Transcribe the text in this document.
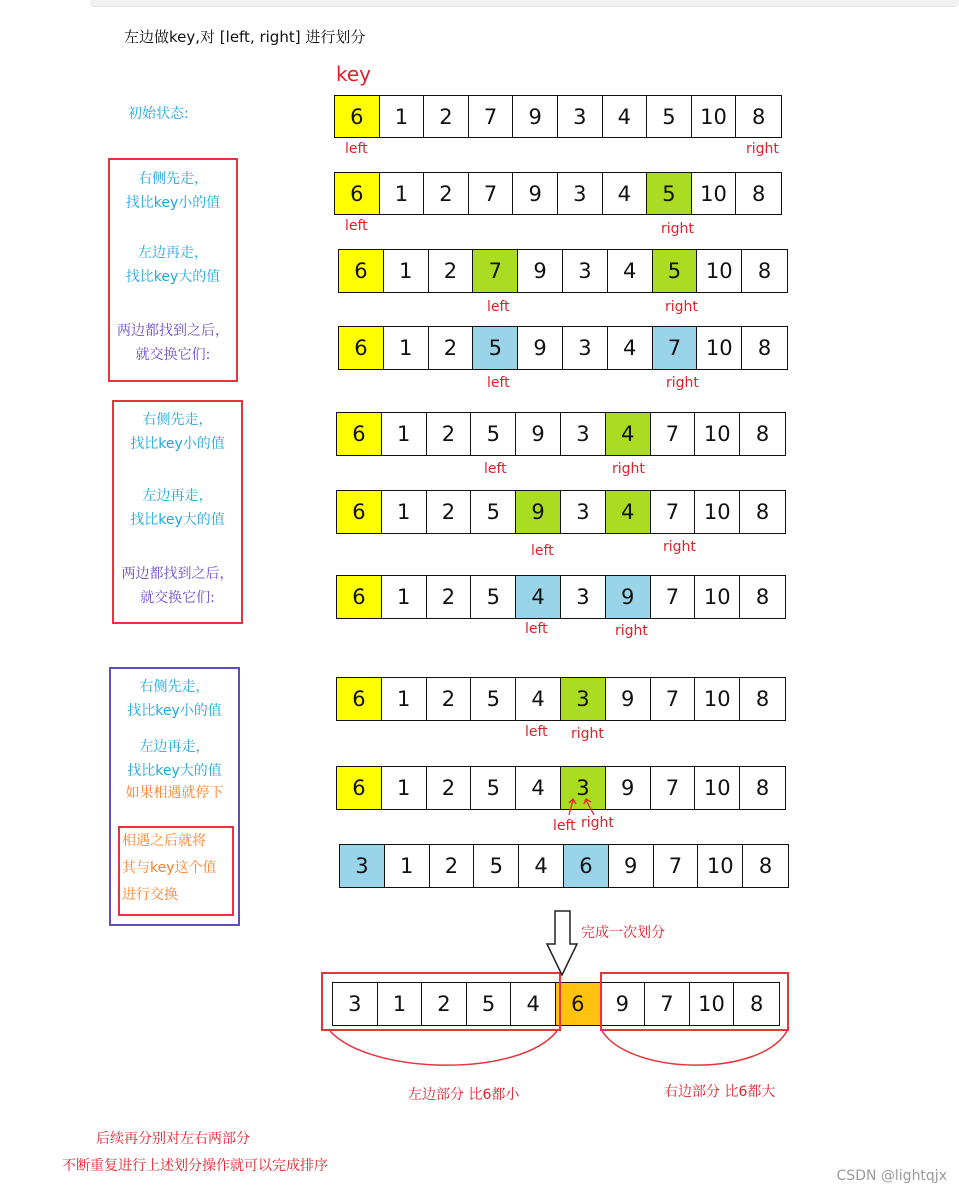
左边做key,对 [left, right] 进行划分
key
6	1	2	7	9	3	4	5	10	8
6	1	2	7	9	3	4	5	10	8
6	1	2	7	9	3	4	5	10	8
6	1	2	5	9	3	4	7	10	8
6	1	2	5	9	3	4	7	10	8
6	1	2	5	9	3	4	7	10	8
6	1	2	5	4	3	9	7	10	8
6	1	2	5	4	3	9	7	10	8
6	1	2	5	4	3	9	7	10	8
3	1	2	5	4	6	9	7	10	8
3	1	2	5	4	6	9	7	10	8
left	right
left	right
left	right
left	right
left	right
left	right
left	right
left right
left right
初始状态:
右侧先走，
找比key小的值
左边再走，
找比key大的值
两边都找到之后，
就交换它们:
右侧先走，
找比key小的值
左边再走，
找比key大的值
两边都找到之后，
就交换它们:
右侧先走，
找比key小的值
左边再走，
找比key大的值
如果相遇就停下
相遇之后就将
其与key这个值
进行交换
完成一次划分
左边部分 比6都小	右边部分 比6都大
后续再分别对左右两部分
不断重复进行上述划分操作就可以完成排序
CSDN @lightqjx
